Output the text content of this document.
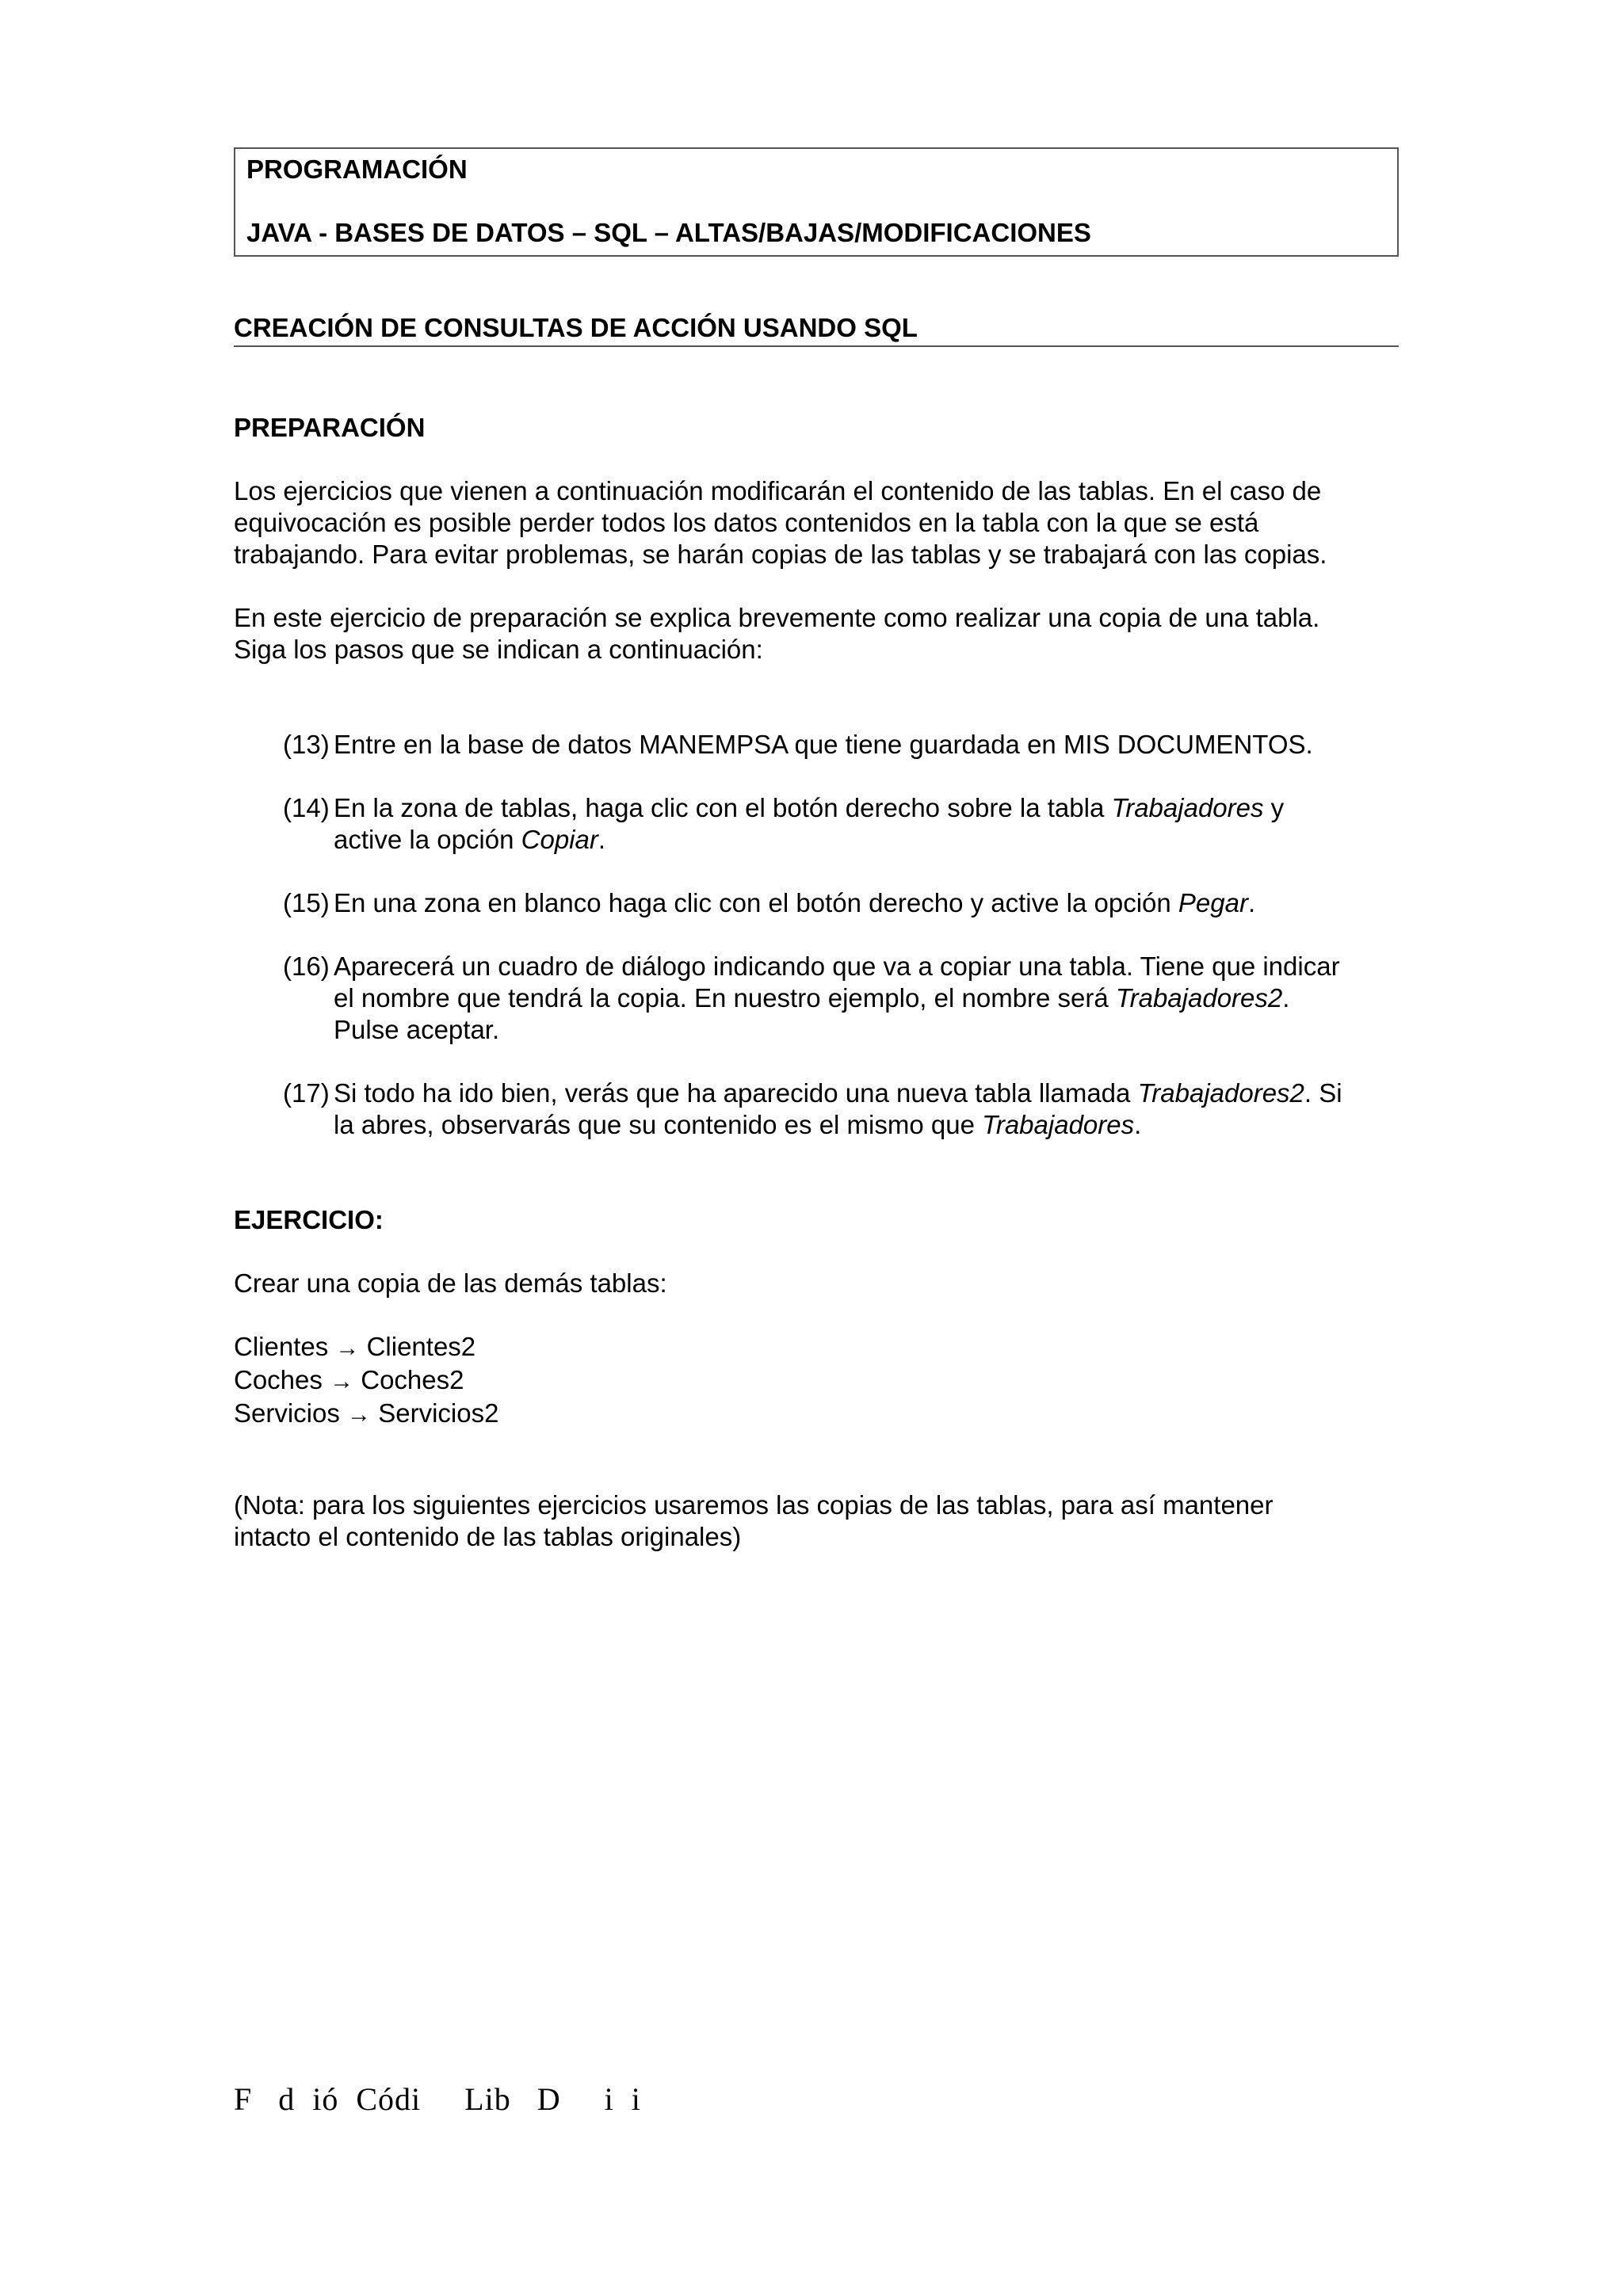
PROGRAMACIÓN
JAVA - BASES DE DATOS – SQL – ALTAS/BAJAS/MODIFICACIONES
CREACIÓN DE CONSULTAS DE ACCIÓN USANDO SQL
PREPARACIÓN
Los ejercicios que vienen a continuación modificarán el contenido de las tablas. En el caso de
equivocación es posible perder todos los datos contenidos en la tabla con la que se está
trabajando. Para evitar problemas, se harán copias de las tablas y se trabajará con las copias.
En este ejercicio de preparación se explica brevemente como realizar una copia de una tabla.
Siga los pasos que se indican a continuación:
(13) Entre en la base de datos MANEMPSA que tiene guardada en MIS DOCUMENTOS.
(14) En la zona de tablas, haga clic con el botón derecho sobre la tabla Trabajadores y
active la opción Copiar.
(15) En una zona en blanco haga clic con el botón derecho y active la opción Pegar.
(16) Aparecerá un cuadro de diálogo indicando que va a copiar una tabla. Tiene que indicar
el nombre que tendrá la copia. En nuestro ejemplo, el nombre será Trabajadores2.
Pulse aceptar.
(17) Si todo ha ido bien, verás que ha aparecido una nueva tabla llamada Trabajadores2. Si
la abres, observarás que su contenido es el mismo que Trabajadores.
EJERCICIO:
Crear una copia de las demás tablas:
Clientes → Clientes2
Coches → Coches2
Servicios → Servicios2
(Nota: para los siguientes ejercicios usaremos las copias de las tablas, para así mantener
intacto el contenido de las tablas originales)
F   d  ió  Códi     Lib   D     i  i
